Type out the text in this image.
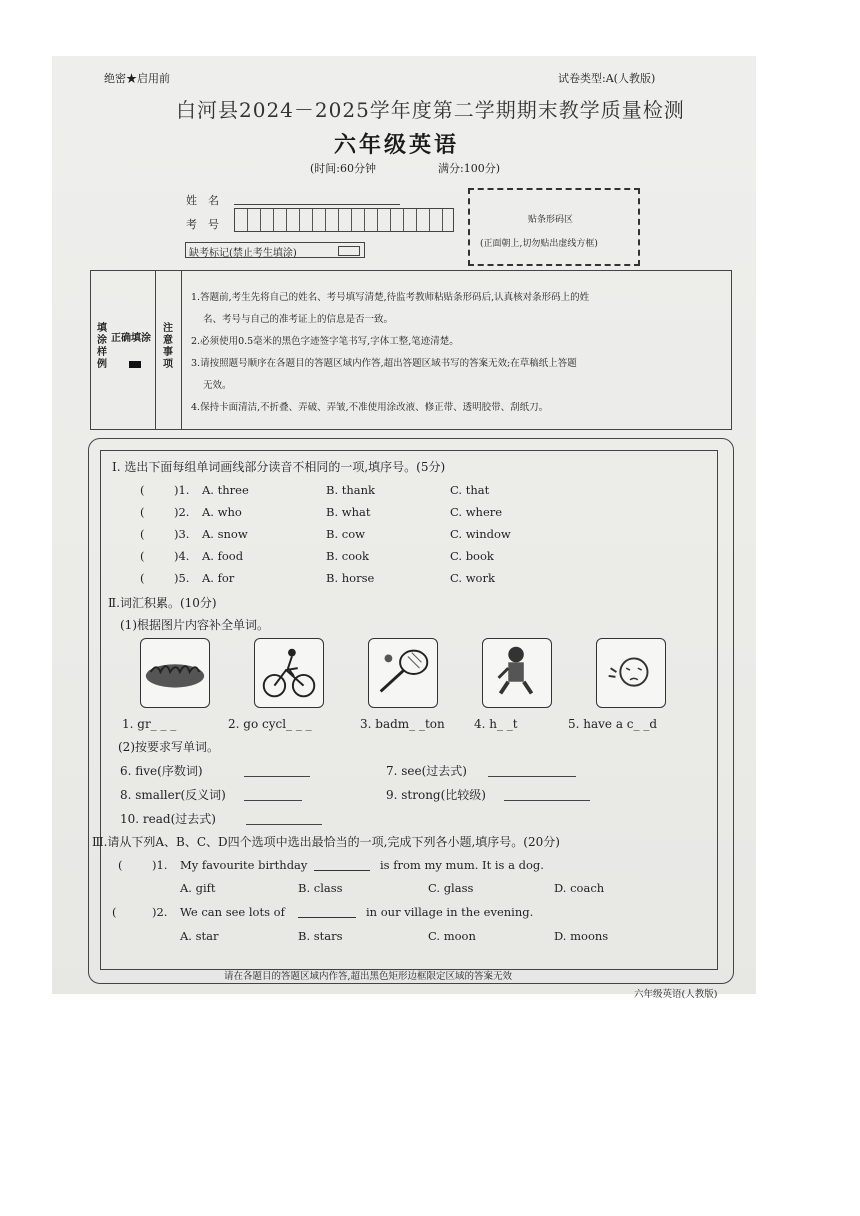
绝密★启用前	试卷类型:A(人教版)
白河县2024－2025学年度第二学期期末教学质量检测
六年级英语
(时间:60分钟	满分:100分)
姓　名
考　号
缺考标记(禁止考生填涂)
贴条形码区
(正面朝上,切勿贴出虚线方框)
填涂样例
正确填涂
注意事项
1.答题前,考生先将自己的姓名、考号填写清楚,待监考教师粘贴条形码后,认真核对条形码上的姓
名、考号与自己的准考证上的信息是否一致。
2.必须使用0.5毫米的黑色字迹签字笔书写,字体工整,笔迹清楚。
3.请按照题号顺序在各题目的答题区域内作答,超出答题区域书写的答案无效;在草稿纸上答题
无效。
4.保持卡面清洁,不折叠、弄破、弄皱,不准使用涂改液、修正带、透明胶带、刮纸刀。
Ⅰ. 选出下面每组单词画线部分读音不相同的一项,填序号。(5分)
(	)1. A. three	B. thank	C. that
(	)2. A. who	B. what	C. where
(	)3. A. snow	B. cow	C. window
(	)4. A. food	B. cook	C. book
(	)5. A. for	B. horse	C. work
Ⅱ.词汇积累。(10分)
(1)根据图片内容补全单词。
1. gr_ _ _	2. go cycl_ _ _	3. badm_ _ton 4. h_ _t	5. have a c_ _d
(2)按要求写单词。
6. five(序数词)	7. see(过去式)
8. smaller(反义词)	9. strong(比较级)
10. read(过去式)
Ⅲ.请从下列A、B、C、D四个选项中选出最恰当的一项,完成下列各小题,填序号。(20分)
(	)1. My favourite birthday	is from my mum. It is a dog.
A. gift	B. class	C. glass	D. coach
(	)2. We can see lots of	in our village in the evening.
A. star	B. stars	C. moon	D. moons
请在各题目的答题区域内作答,超出黑色矩形边框限定区域的答案无效
六年级英语(人教版)
